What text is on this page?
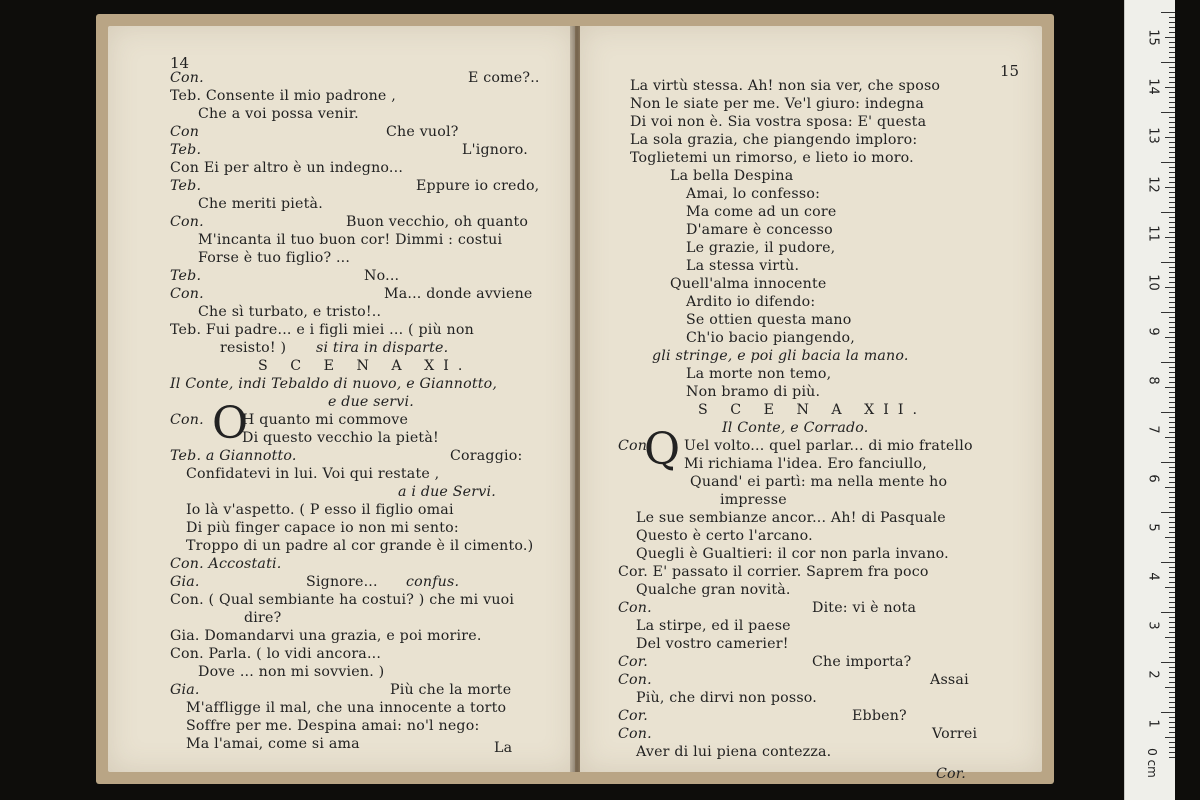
14
Con.	E come?..
Teb. Consente il mio padrone ,
Che a voi possa venir.
Con	Che vuol?
Teb.	L'ignoro.
Con Ei per altro è un indegno...
Teb.	Eppure io credo,
Che meriti pietà.
Con.	Buon vecchio, oh quanto
M'incanta il tuo buon cor! Dimmi : costui
Forse è tuo figlio? ...
Teb.	No...
Con.	Ma... donde avviene
Che sì turbato, e tristo!..
Teb. Fui padre... e i figli miei ... ( più non
resisto! ) si tira in disparte.
S C E N A XI.
Il Conte, indi Tebaldo di nuovo, e Giannotto,
e due servi.
Con.	H quanto mi commove
Di questo vecchio la pietà!
Teb. a Giannotto.	Coraggio:
Confidatevi in lui. Voi qui restate ,
a i due Servi.
Io là v'aspetto. ( P esso il figlio omai
Di più finger capace io non mi sento:
Troppo di un padre al cor grande è il cimento.)
Con. Accostati.
Gia.	Signore... confus.
Con. ( Qual sembiante ha costui? ) che mi vuoi
dire?
Gia. Domandarvi una grazia, e poi morire.
Con. Parla. ( lo vidi ancora...
Dove ... non mi sovvien. )
Gia.	Più che la morte
M'affligge il mal, che una innocente a torto
Soffre per me. Despina amai: no'l nego:
Ma l'amai, come si ama	La
O
15
La virtù stessa. Ah! non sia ver, che sposo
Non le siate per me. Ve'l giuro: indegna
Di voi non è. Sia vostra sposa: E' questa
La sola grazia, che piangendo imploro:
Toglietemi un rimorso, e lieto io moro.
La bella Despina
Amai, lo confesso:
Ma come ad un core
D'amare è concesso
Le grazie, il pudore,
La stessa virtù.
Quell'alma innocente
Ardito io difendo:
Se ottien questa mano
Ch'io bacio piangendo,
gli stringe, e poi gli bacia la mano.
La morte non temo,
Non bramo di più.
S C E N A XII.
Il Conte, e Corrado.
Con. Uel volto... quel parlar... di mio fratello
Mi richiama l'idea. Ero fanciullo,
Quand' ei partì: ma nella mente ho
impresse
Le sue sembianze ancor... Ah! di Pasquale
Questo è certo l'arcano.
Quegli è Gualtieri: il cor non parla invano.
Cor. E' passato il corrier. Saprem fra poco
Qualche gran novità.
Con.	Dite: vi è nota
La stirpe, ed il paese
Del vostro camerier!
Cor.	Che importa?
Con.	Assai
Più, che dirvi non posso.
Cor.	Ebben?
Con.	Vorrei
Aver di lui piena contezza.
Cor.
Q
0 cm
15
14
13
12
11
10
9
8
7
6
5
4
3
2
1
